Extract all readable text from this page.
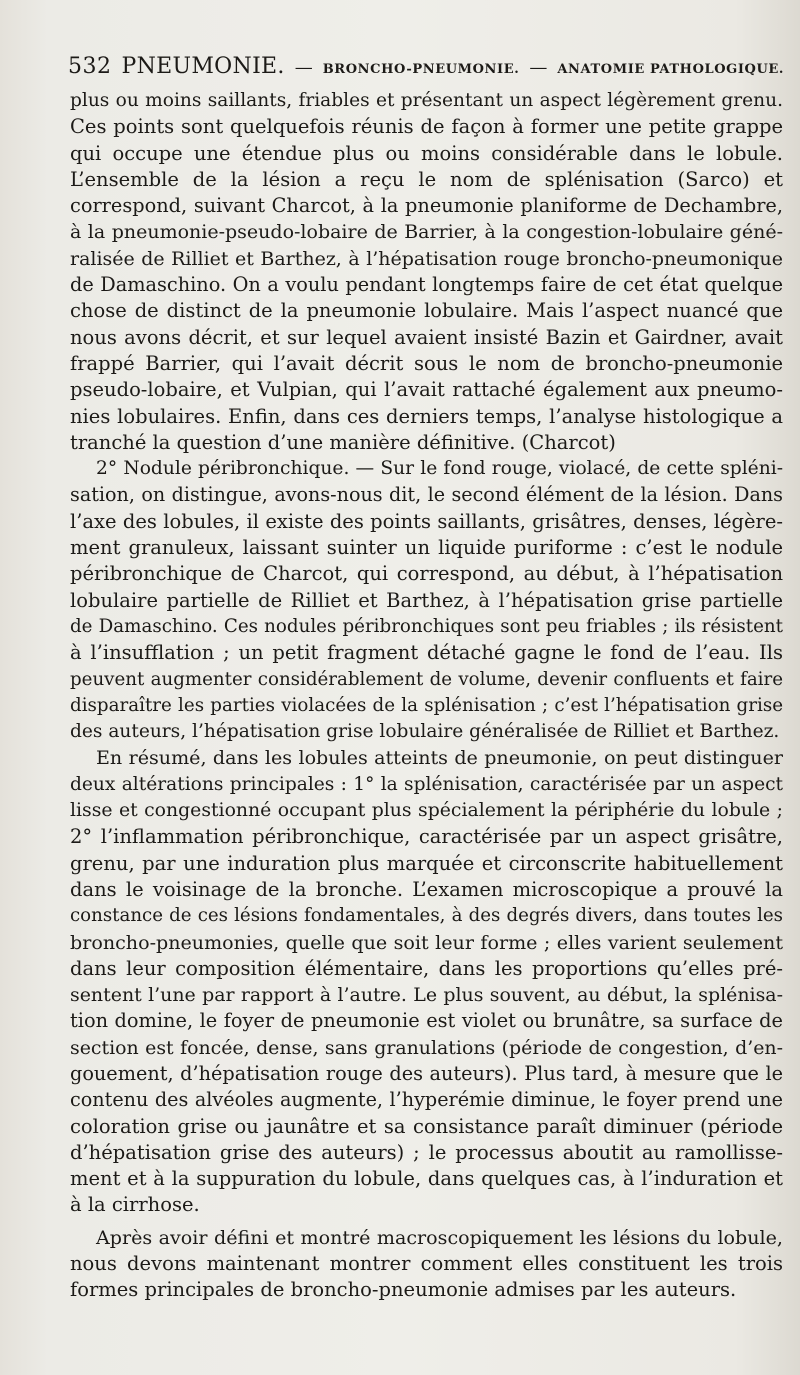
532 PNEUMONIE. — BRONCHO-PNEUMONIE. — ANATOMIE PATHOLOGIQUE.
plus ou moins saillants, friables et présentant un aspect légèrement grenu.
Ces points sont quelquefois réunis de façon à former une petite grappe
qui occupe une étendue plus ou moins considérable dans le lobule.
L’ensemble de la lésion a reçu le nom de splénisation (Sarco) et
correspond, suivant Charcot, à la pneumonie planiforme de Dechambre,
à la pneumonie-pseudo-lobaire de Barrier, à la congestion-lobulaire géné-
ralisée de Rilliet et Barthez, à l’hépatisation rouge broncho-pneumonique
de Damaschino. On a voulu pendant longtemps faire de cet état quelque
chose de distinct de la pneumonie lobulaire. Mais l’aspect nuancé que
nous avons décrit, et sur lequel avaient insisté Bazin et Gairdner, avait
frappé Barrier, qui l’avait décrit sous le nom de broncho-pneumonie
pseudo-lobaire, et Vulpian, qui l’avait rattaché également aux pneumo-
nies lobulaires. Enfin, dans ces derniers temps, l’analyse histologique a
tranché la question d’une manière définitive. (Charcot)
2° Nodule péribronchique. — Sur le fond rouge, violacé, de cette spléni-
sation, on distingue, avons-nous dit, le second élément de la lésion. Dans
l’axe des lobules, il existe des points saillants, grisâtres, denses, légère-
ment granuleux, laissant suinter un liquide puriforme : c’est le nodule
péribronchique de Charcot, qui correspond, au début, à l’hépatisation
lobulaire partielle de Rilliet et Barthez, à l’hépatisation grise partielle
de Damaschino. Ces nodules péribronchiques sont peu friables ; ils résistent
à l’insufflation ; un petit fragment détaché gagne le fond de l’eau. Ils
peuvent augmenter considérablement de volume, devenir confluents et faire
disparaître les parties violacées de la splénisation ; c’est l’hépatisation grise
des auteurs, l’hépatisation grise lobulaire généralisée de Rilliet et Barthez.
En résumé, dans les lobules atteints de pneumonie, on peut distinguer
deux altérations principales : 1° la splénisation, caractérisée par un aspect
lisse et congestionné occupant plus spécialement la périphérie du lobule ;
2° l’inflammation péribronchique, caractérisée par un aspect grisâtre,
grenu, par une induration plus marquée et circonscrite habituellement
dans le voisinage de la bronche. L’examen microscopique a prouvé la
constance de ces lésions fondamentales, à des degrés divers, dans toutes les
broncho-pneumonies, quelle que soit leur forme ; elles varient seulement
dans leur composition élémentaire, dans les proportions qu’elles pré-
sentent l’une par rapport à l’autre. Le plus souvent, au début, la splénisa-
tion domine, le foyer de pneumonie est violet ou brunâtre, sa surface de
section est foncée, dense, sans granulations (période de congestion, d’en-
gouement, d’hépatisation rouge des auteurs). Plus tard, à mesure que le
contenu des alvéoles augmente, l’hyperémie diminue, le foyer prend une
coloration grise ou jaunâtre et sa consistance paraît diminuer (période
d’hépatisation grise des auteurs) ; le processus aboutit au ramollisse-
ment et à la suppuration du lobule, dans quelques cas, à l’induration et
à la cirrhose.
Après avoir défini et montré macroscopiquement les lésions du lobule,
nous devons maintenant montrer comment elles constituent les trois
formes principales de broncho-pneumonie admises par les auteurs.
